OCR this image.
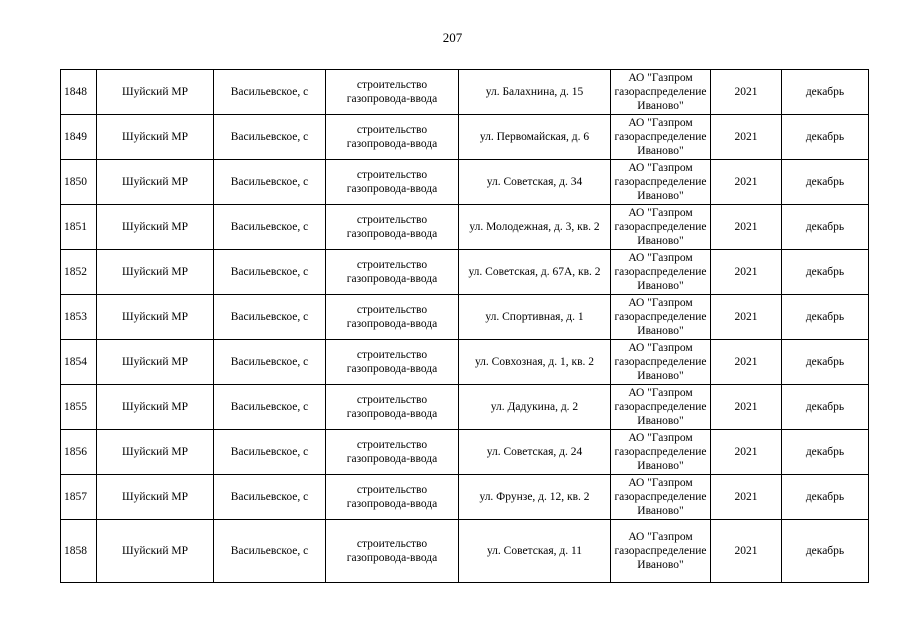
207
1848	Шуйский МР	Васильевское, с	строительство газопровода-ввода	ул. Балахнина, д. 15	АО "Газпром газораспределение Иваново"	2021	декабрь
1849	Шуйский МР	Васильевское, с	строительство газопровода-ввода	ул. Первомайская, д. 6	АО "Газпром газораспределение Иваново"	2021	декабрь
1850	Шуйский МР	Васильевское, с	строительство газопровода-ввода	ул. Советская, д. 34	АО "Газпром газораспределение Иваново"	2021	декабрь
1851	Шуйский МР	Васильевское, с	строительство газопровода-ввода	ул. Молодежная, д. 3, кв. 2	АО "Газпром газораспределение Иваново"	2021	декабрь
1852	Шуйский МР	Васильевское, с	строительство газопровода-ввода	ул. Советская, д. 67А, кв. 2	АО "Газпром газораспределение Иваново"	2021	декабрь
1853	Шуйский МР	Васильевское, с	строительство газопровода-ввода	ул. Спортивная, д. 1	АО "Газпром газораспределение Иваново"	2021	декабрь
1854	Шуйский МР	Васильевское, с	строительство газопровода-ввода	ул. Совхозная, д. 1, кв. 2	АО "Газпром газораспределение Иваново"	2021	декабрь
1855	Шуйский МР	Васильевское, с	строительство газопровода-ввода	ул. Дадукина, д. 2	АО "Газпром газораспределение Иваново"	2021	декабрь
1856	Шуйский МР	Васильевское, с	строительство газопровода-ввода	ул. Советская, д. 24	АО "Газпром газораспределение Иваново"	2021	декабрь
1857	Шуйский МР	Васильевское, с	строительство газопровода-ввода	ул. Фрунзе, д. 12, кв. 2	АО "Газпром газораспределение Иваново"	2021	декабрь
1858	Шуйский МР	Васильевское, с	строительство газопровода-ввода	ул. Советская, д. 11	АО "Газпром газораспределение Иваново"	2021	декабрь
